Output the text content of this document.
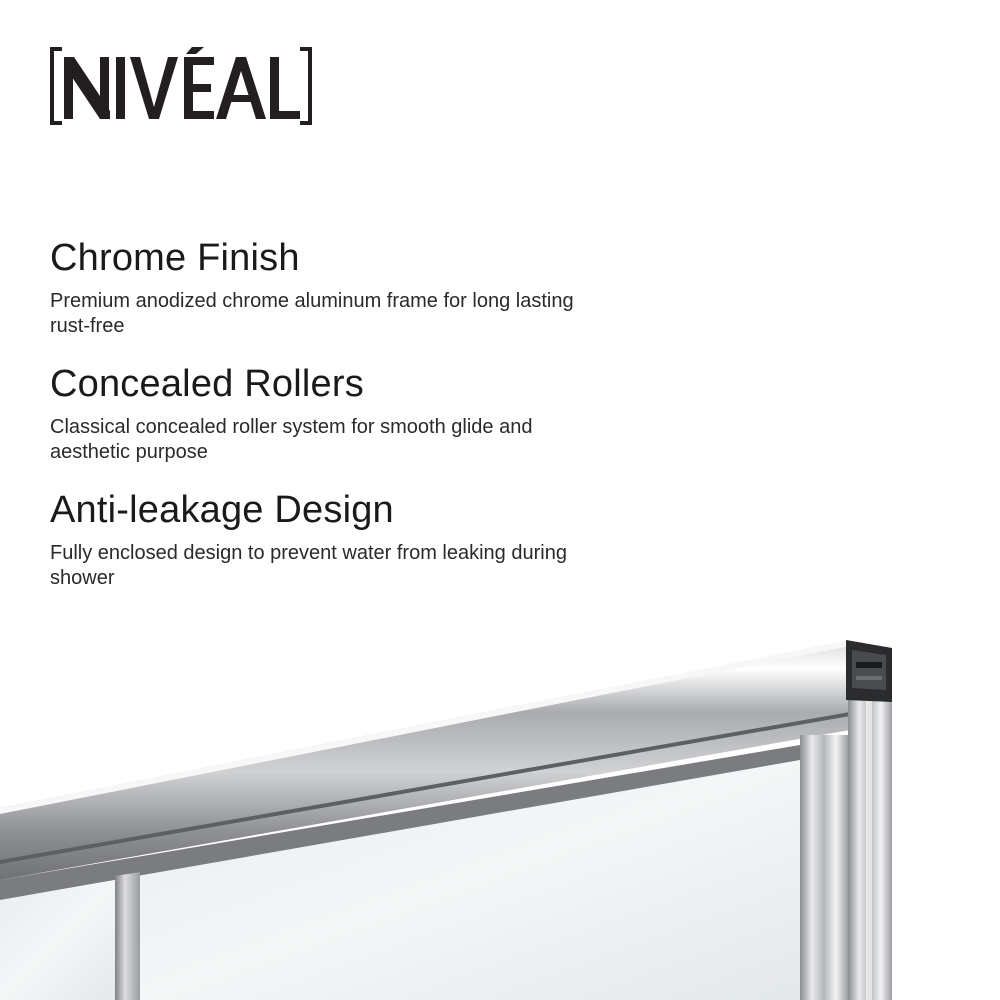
Chrome Finish

Premium anodized chrome aluminum frame for long lasting rust-free

Concealed Rollers

Classical concealed roller system for smooth glide and aesthetic purpose

Anti-leakage Design

Fully enclosed design to prevent water from leaking during shower
